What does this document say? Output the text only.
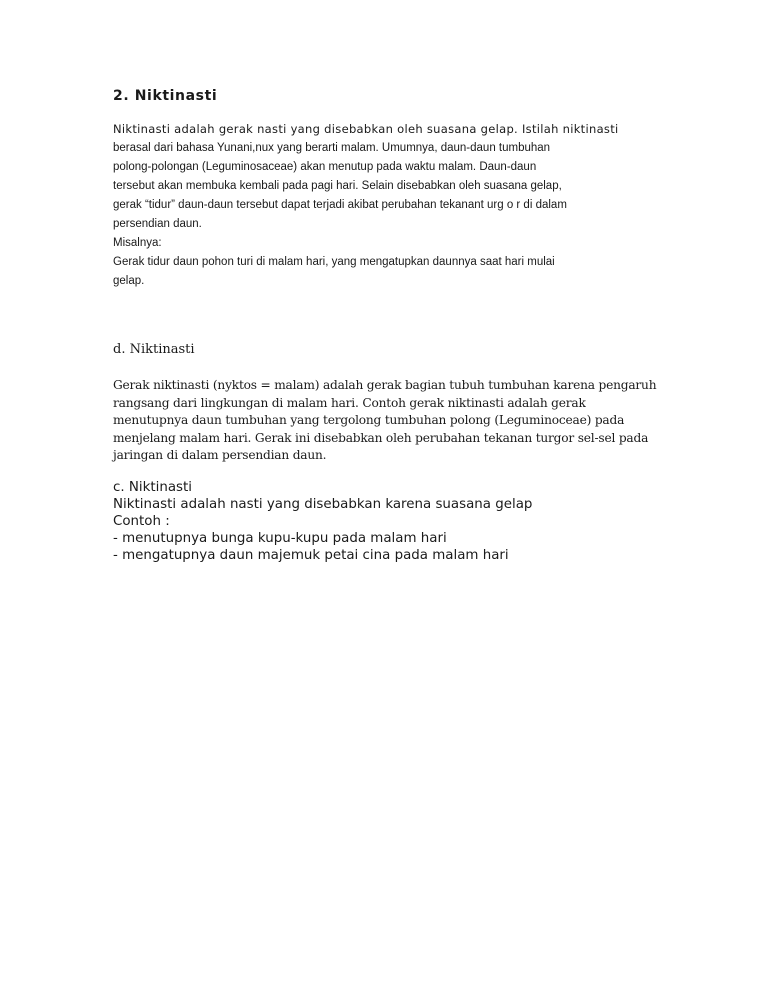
2. Niktinasti
Niktinasti adalah gerak nasti yang disebabkan oleh suasana gelap. Istilah niktinasti
berasal dari bahasa Yunani,nux yang berarti malam. Umumnya, daun-daun tumbuhan
polong-polongan (Leguminosaceae) akan menutup pada waktu malam. Daun-daun
tersebut akan membuka kembali pada pagi hari. Selain disebabkan oleh suasana gelap,
gerak “tidur” daun-daun tersebut dapat terjadi akibat perubahan tekanant urg o r di dalam
persendian daun.
Misalnya:
Gerak tidur daun pohon turi di malam hari, yang mengatupkan daunnya saat hari mulai
gelap.
d. Niktinasti
Gerak niktinasti (nyktos = malam) adalah gerak bagian tubuh tumbuhan karena pengaruh
rangsang dari lingkungan di malam hari. Contoh gerak niktinasti adalah gerak
menutupnya daun tumbuhan yang tergolong tumbuhan polong (Leguminoceae) pada
menjelang malam hari. Gerak ini disebabkan oleh perubahan tekanan turgor sel-sel pada
jaringan di dalam persendian daun.
c. Niktinasti
Niktinasti adalah nasti yang disebabkan karena suasana gelap
Contoh :
- menutupnya bunga kupu-kupu pada malam hari
- mengatupnya daun majemuk petai cina pada malam hari
